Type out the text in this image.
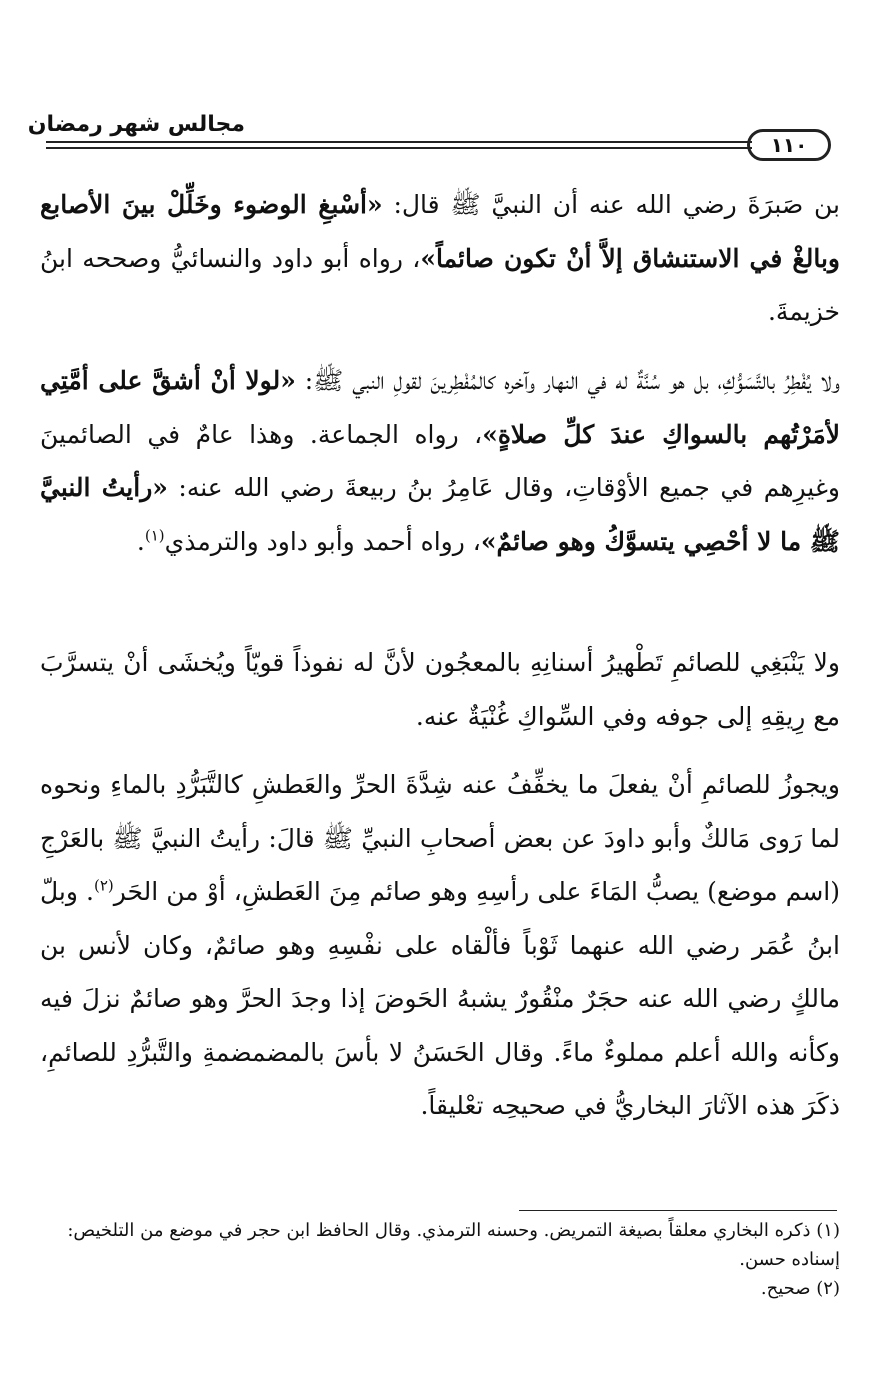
مجالس شهر رمضان
١١٠
بن صَبرَةَ رضي الله عنه أن النبيَّ ﷺ قال: «أسْبغِ الوضوء وخَلِّلْ بينَ الأصابع وبالغْ في الاستنشاق إلاَّ أنْ تكون صائماً»، رواه أبو داود والنسائيُّ وصححه ابنُ خزيمةَ.
ولا يُفْطِرُ بالتَّسَوُّكِ، بل هو سُنَّةٌ له في النهار وآخره كالمُفْطِرينَ لقولِ النبي ﷺ: «لولا أنْ أشقَّ على أمَّتِي لأمَرْتُهم بالسواكِ عندَ كلِّ صلاةٍ»، رواه الجماعة. وهذا عامٌ في الصائمينَ وغيرِهم في جميع الأوْقاتِ، وقال عَامِرُ بنُ ربيعةَ رضي الله عنه: «رأيتُ النبيَّ ﷺ ما لا أحْصِي يتسوَّكُ وهو صائمٌ»، رواه أحمد وأبو داود والترمذي$^{(١)}$.
ولا يَنْبَغِي للصائمِ تَطْهيرُ أسنانِهِ بالمعجُون لأنَّ له نفوذاً قويّاً ويُخشَى أنْ يتسرَّبَ مع رِيقِهِ إلى جوفه وفي السِّواكِ غُنْيَةٌ عنه.
ويجوزُ للصائمِ أنْ يفعلَ ما يخفِّفُ عنه شِدَّةَ الحرِّ والعَطشِ كالتَّبَرُّدِ بالماءِ ونحوه لما رَوى مَالكٌ وأبو داودَ عن بعض أصحابِ النبيِّ ﷺ قالَ: رأيتُ النبيَّ ﷺ بالعَرْجِ (اسم موضع) يصبُّ المَاءَ على رأسِهِ وهو صائم مِنَ العَطشِ، أوْ من الحَر$^{(٢)}$. وبلّ ابنُ عُمَر رضي الله عنهما ثَوْباً فألْقاه على نفْسِهِ وهو صائمٌ، وكان لأنس بن مالكٍ رضي الله عنه حجَرٌ منْقُورٌ يشبهُ الحَوضَ إذا وجدَ الحرَّ وهو صائمٌ نزلَ فيه وكأنه والله أعلم مملوءٌ ماءً. وقال الحَسَنُ لا بأسَ بالمضمضمةِ والتَّبرُّدِ للصائمِ، ذكَرَ هذه الآثارَ البخاريُّ في صحيحِه تعْليقاً.
(١) ذكره البخاري معلقاً بصيغة التمريض. وحسنه الترمذي. وقال الحافظ ابن حجر في موضع من التلخيص: إسناده حسن.
(٢) صحيح.
